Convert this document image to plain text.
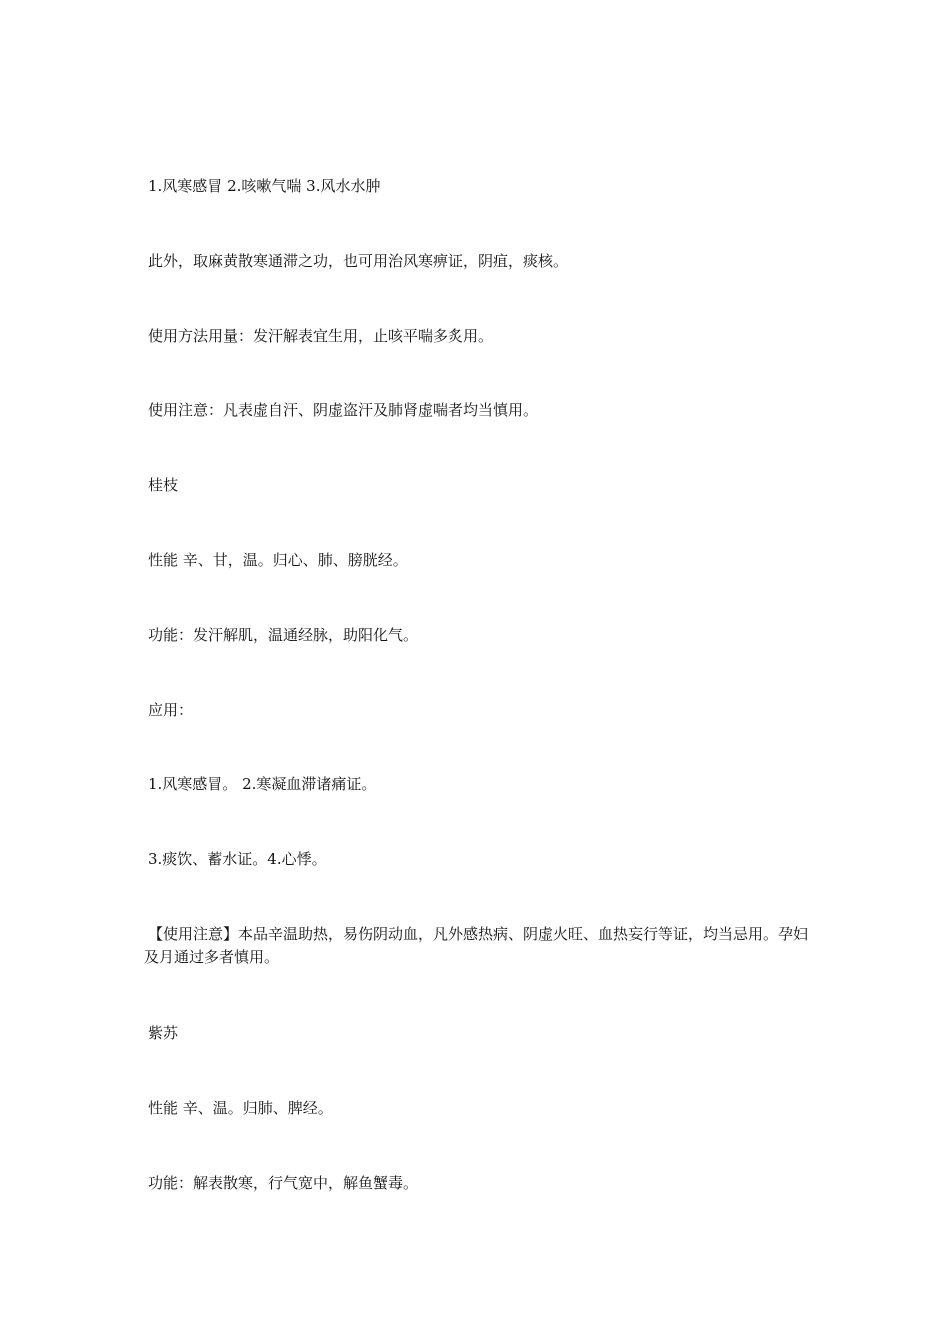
1.风寒感冒 2.咳嗽气喘 3.风水水肿

此外，取麻黄散寒通滞之功，也可用治风寒痹证，阴疽，痰核。

使用方法用量：发汗解表宜生用，止咳平喘多炙用。

使用注意：凡表虚自汗、阴虚盗汗及肺肾虚喘者均当慎用。

桂枝

性能 辛、甘，温。归心、肺、膀胱经。

功能：发汗解肌，温通经脉，助阳化气。

应用：

1.风寒感冒。 2.寒凝血滞诸痛证。

3.痰饮、蓄水证。4.心悸。

【使用注意】本品辛温助热，易伤阴动血，凡外感热病、阴虚火旺、血热妄行等证，均当忌用。孕妇及月通过多者慎用。

紫苏

性能 辛、温。归肺、脾经。

功能：解表散寒，行气宽中，解鱼蟹毒。
